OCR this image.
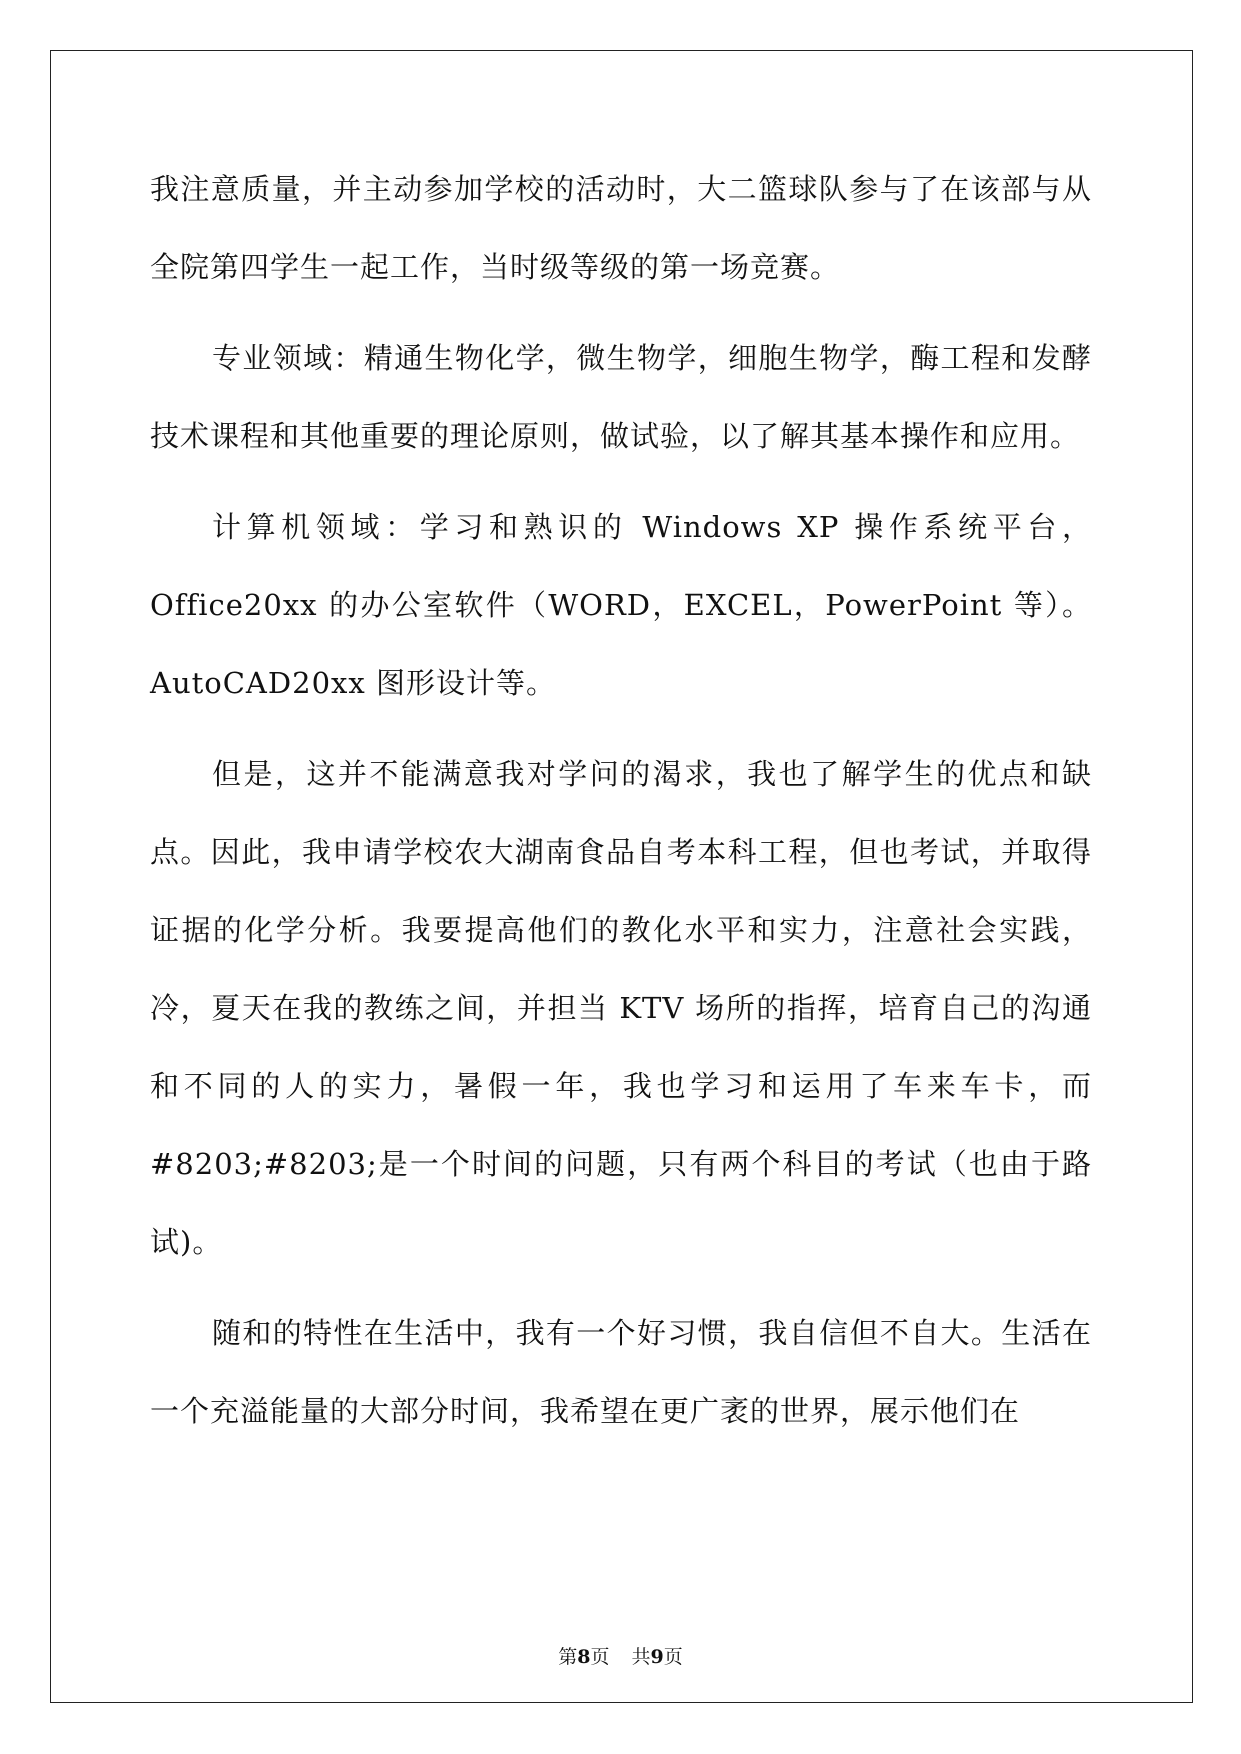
我注意质量，并主动参加学校的活动时，大二篮球队参与了在该部与从全院第四学生一起工作，当时级等级的第一场竞赛。

专业领域：精通生物化学，微生物学，细胞生物学，酶工程和发酵技术课程和其他重要的理论原则，做试验，以了解其基本操作和应用。

计算机领域：学习和熟识的 Windows XP 操作系统平台，Office20xx 的办公室软件（WORD，EXCEL，PowerPoint 等）。AutoCAD20xx 图形设计等。

但是，这并不能满意我对学问的渴求，我也了解学生的优点和缺点。因此，我申请学校农大湖南食品自考本科工程，但也考试，并取得证据的化学分析。我要提高他们的教化水平和实力，注意社会实践，冷，夏天在我的教练之间，并担当 KTV 场所的指挥，培育自己的沟通和不同的人的实力，暑假一年，我也学习和运用了车来车卡，而#8203;#8203;是一个时间的问题，只有两个科目的考试（也由于路试)。

随和的特性在生活中，我有一个好习惯，我自信但不自大。生活在一个充溢能量的大部分时间，我希望在更广袤的世界，展示他们在

第8页 共9页
